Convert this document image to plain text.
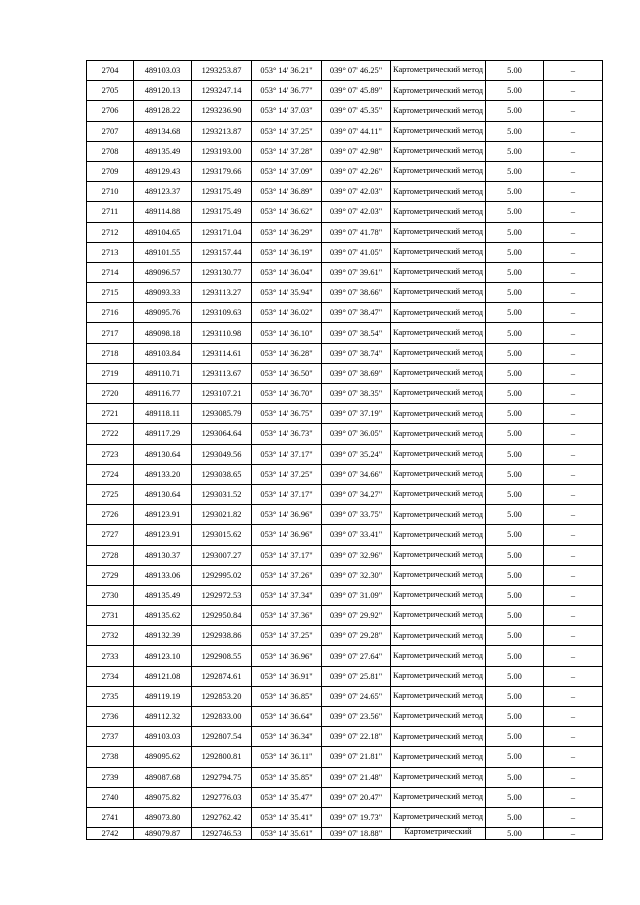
2704	489103.03	1293253.87	053° 14' 36.21"	039° 07' 46.25"	Картометрический метод	5.00	–
2705	489120.13	1293247.14	053° 14' 36.77"	039° 07' 45.89"	Картометрический метод	5.00	–
2706	489128.22	1293236.90	053° 14' 37.03"	039° 07' 45.35"	Картометрический метод	5.00	–
2707	489134.68	1293213.87	053° 14' 37.25"	039° 07' 44.11"	Картометрический метод	5.00	–
2708	489135.49	1293193.00	053° 14' 37.28"	039° 07' 42.98"	Картометрический метод	5.00	–
2709	489129.43	1293179.66	053° 14' 37.09"	039° 07' 42.26"	Картометрический метод	5.00	–
2710	489123.37	1293175.49	053° 14' 36.89"	039° 07' 42.03"	Картометрический метод	5.00	–
2711	489114.88	1293175.49	053° 14' 36.62"	039° 07' 42.03"	Картометрический метод	5.00	–
2712	489104.65	1293171.04	053° 14' 36.29"	039° 07' 41.78"	Картометрический метод	5.00	–
2713	489101.55	1293157.44	053° 14' 36.19"	039° 07' 41.05"	Картометрический метод	5.00	–
2714	489096.57	1293130.77	053° 14' 36.04"	039° 07' 39.61"	Картометрический метод	5.00	–
2715	489093.33	1293113.27	053° 14' 35.94"	039° 07' 38.66"	Картометрический метод	5.00	–
2716	489095.76	1293109.63	053° 14' 36.02"	039° 07' 38.47"	Картометрический метод	5.00	–
2717	489098.18	1293110.98	053° 14' 36.10"	039° 07' 38.54"	Картометрический метод	5.00	–
2718	489103.84	1293114.61	053° 14' 36.28"	039° 07' 38.74"	Картометрический метод	5.00	–
2719	489110.71	1293113.67	053° 14' 36.50"	039° 07' 38.69"	Картометрический метод	5.00	–
2720	489116.77	1293107.21	053° 14' 36.70"	039° 07' 38.35"	Картометрический метод	5.00	–
2721	489118.11	1293085.79	053° 14' 36.75"	039° 07' 37.19"	Картометрический метод	5.00	–
2722	489117.29	1293064.64	053° 14' 36.73"	039° 07' 36.05"	Картометрический метод	5.00	–
2723	489130.64	1293049.56	053° 14' 37.17"	039° 07' 35.24"	Картометрический метод	5.00	–
2724	489133.20	1293038.65	053° 14' 37.25"	039° 07' 34.66"	Картометрический метод	5.00	–
2725	489130.64	1293031.52	053° 14' 37.17"	039° 07' 34.27"	Картометрический метод	5.00	–
2726	489123.91	1293021.82	053° 14' 36.96"	039° 07' 33.75"	Картометрический метод	5.00	–
2727	489123.91	1293015.62	053° 14' 36.96"	039° 07' 33.41"	Картометрический метод	5.00	–
2728	489130.37	1293007.27	053° 14' 37.17"	039° 07' 32.96"	Картометрический метод	5.00	–
2729	489133.06	1292995.02	053° 14' 37.26"	039° 07' 32.30"	Картометрический метод	5.00	–
2730	489135.49	1292972.53	053° 14' 37.34"	039° 07' 31.09"	Картометрический метод	5.00	–
2731	489135.62	1292950.84	053° 14' 37.36"	039° 07' 29.92"	Картометрический метод	5.00	–
2732	489132.39	1292938.86	053° 14' 37.25"	039° 07' 29.28"	Картометрический метод	5.00	–
2733	489123.10	1292908.55	053° 14' 36.96"	039° 07' 27.64"	Картометрический метод	5.00	–
2734	489121.08	1292874.61	053° 14' 36.91"	039° 07' 25.81"	Картометрический метод	5.00	–
2735	489119.19	1292853.20	053° 14' 36.85"	039° 07' 24.65"	Картометрический метод	5.00	–
2736	489112.32	1292833.00	053° 14' 36.64"	039° 07' 23.56"	Картометрический метод	5.00	–
2737	489103.03	1292807.54	053° 14' 36.34"	039° 07' 22.18"	Картометрический метод	5.00	–
2738	489095.62	1292800.81	053° 14' 36.11"	039° 07' 21.81"	Картометрический метод	5.00	–
2739	489087.68	1292794.75	053° 14' 35.85"	039° 07' 21.48"	Картометрический метод	5.00	–
2740	489075.82	1292776.03	053° 14' 35.47"	039° 07' 20.47"	Картометрический метод	5.00	–
2741	489073.80	1292762.42	053° 14' 35.41"	039° 07' 19.73"	Картометрический метод	5.00	–
2742	489079.87	1292746.53	053° 14' 35.61"	039° 07' 18.88"	Картометрический	5.00	–
